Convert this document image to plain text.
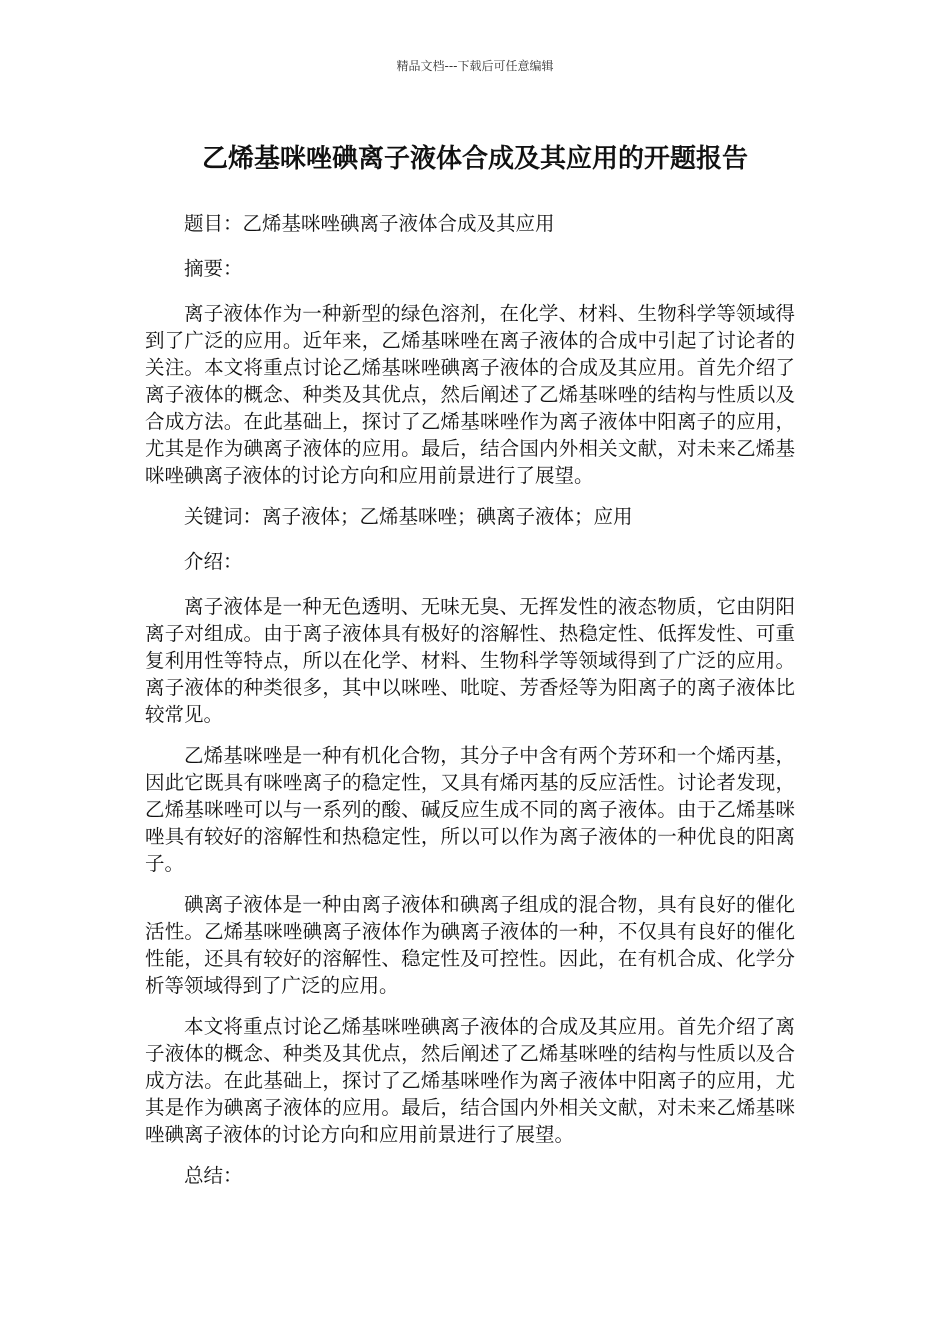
精品文档---下载后可任意编辑
乙烯基咪唑碘离子液体合成及其应用的开题报告

题目：乙烯基咪唑碘离子液体合成及其应用

摘要：

离子液体作为一种新型的绿色溶剂，在化学、材料、生物科学等领域得到了广泛的应用。近年来，乙烯基咪唑在离子液体的合成中引起了讨论者的关注。本文将重点讨论乙烯基咪唑碘离子液体的合成及其应用。首先介绍了离子液体的概念、种类及其优点，然后阐述了乙烯基咪唑的结构与性质以及合成方法。在此基础上，探讨了乙烯基咪唑作为离子液体中阳离子的应用，尤其是作为碘离子液体的应用。最后，结合国内外相关文献，对未来乙烯基咪唑碘离子液体的讨论方向和应用前景进行了展望。

关键词：离子液体；乙烯基咪唑；碘离子液体；应用

介绍：

离子液体是一种无色透明、无味无臭、无挥发性的液态物质，它由阴阳离子对组成。由于离子液体具有极好的溶解性、热稳定性、低挥发性、可重复利用性等特点，所以在化学、材料、生物科学等领域得到了广泛的应用。离子液体的种类很多，其中以咪唑、吡啶、芳香烃等为阳离子的离子液体比较常见。

乙烯基咪唑是一种有机化合物，其分子中含有两个芳环和一个烯丙基，因此它既具有咪唑离子的稳定性，又具有烯丙基的反应活性。讨论者发现，乙烯基咪唑可以与一系列的酸、碱反应生成不同的离子液体。由于乙烯基咪唑具有较好的溶解性和热稳定性，所以可以作为离子液体的一种优良的阳离子。

碘离子液体是一种由离子液体和碘离子组成的混合物，具有良好的催化活性。乙烯基咪唑碘离子液体作为碘离子液体的一种，不仅具有良好的催化性能，还具有较好的溶解性、稳定性及可控性。因此，在有机合成、化学分析等领域得到了广泛的应用。

本文将重点讨论乙烯基咪唑碘离子液体的合成及其应用。首先介绍了离子液体的概念、种类及其优点，然后阐述了乙烯基咪唑的结构与性质以及合成方法。在此基础上，探讨了乙烯基咪唑作为离子液体中阳离子的应用，尤其是作为碘离子液体的应用。最后，结合国内外相关文献，对未来乙烯基咪唑碘离子液体的讨论方向和应用前景进行了展望。

总结：
